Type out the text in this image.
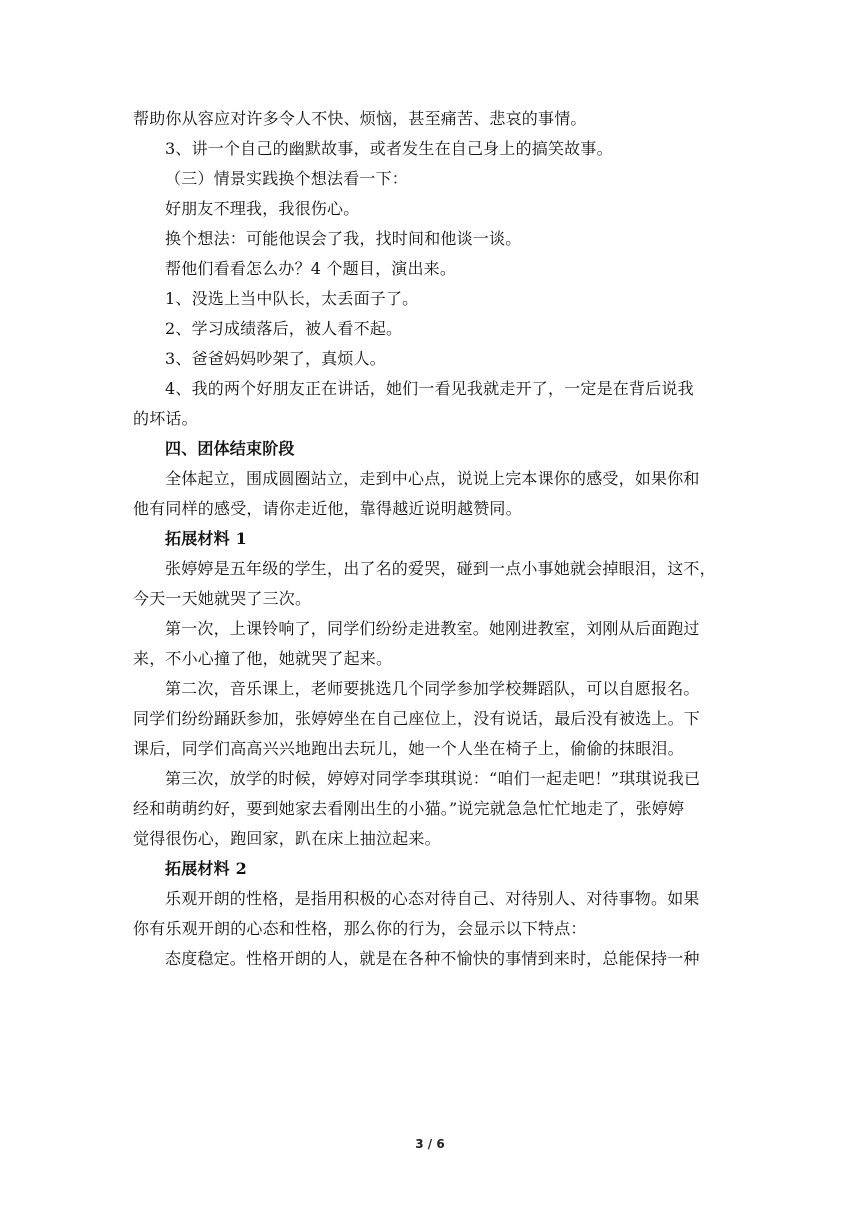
帮助你从容应对许多令人不快、烦恼，甚至痛苦、悲哀的事情。

3、讲一个自己的幽默故事，或者发生在自己身上的搞笑故事。

（三）情景实践换个想法看一下：

好朋友不理我，我很伤心。

换个想法：可能他误会了我，找时间和他谈一谈。

帮他们看看怎么办？4 个题目，演出来。

1、没选上当中队长，太丢面子了。

2、学习成绩落后，被人看不起。

3、爸爸妈妈吵架了，真烦人。

4、我的两个好朋友正在讲话，她们一看见我就走开了，一定是在背后说我

的坏话。

四、团体结束阶段

全体起立，围成圆圈站立，走到中心点，说说上完本课你的感受，如果你和

他有同样的感受，请你走近他，靠得越近说明越赞同。

拓展材料 1

张婷婷是五年级的学生，出了名的爱哭，碰到一点小事她就会掉眼泪，这不，

今天一天她就哭了三次。

第一次，上课铃响了，同学们纷纷走进教室。她刚进教室，刘刚从后面跑过

来，不小心撞了他，她就哭了起来。

第二次，音乐课上，老师要挑选几个同学参加学校舞蹈队，可以自愿报名。

同学们纷纷踊跃参加，张婷婷坐在自己座位上，没有说话，最后没有被选上。下

课后，同学们高高兴兴地跑出去玩儿，她一个人坐在椅子上，偷偷的抹眼泪。

第三次，放学的时候，婷婷对同学李琪琪说：“咱们一起走吧！”琪琪说我已

经和萌萌约好，要到她家去看刚出生的小猫。”说完就急急忙忙地走了，张婷婷

觉得很伤心，跑回家，趴在床上抽泣起来。

拓展材料 2

乐观开朗的性格，是指用积极的心态对待自己、对待别人、对待事物。如果

你有乐观开朗的心态和性格，那么你的行为，会显示以下特点：

态度稳定。性格开朗的人，就是在各种不愉快的事情到来时，总能保持一种

3 / 6
